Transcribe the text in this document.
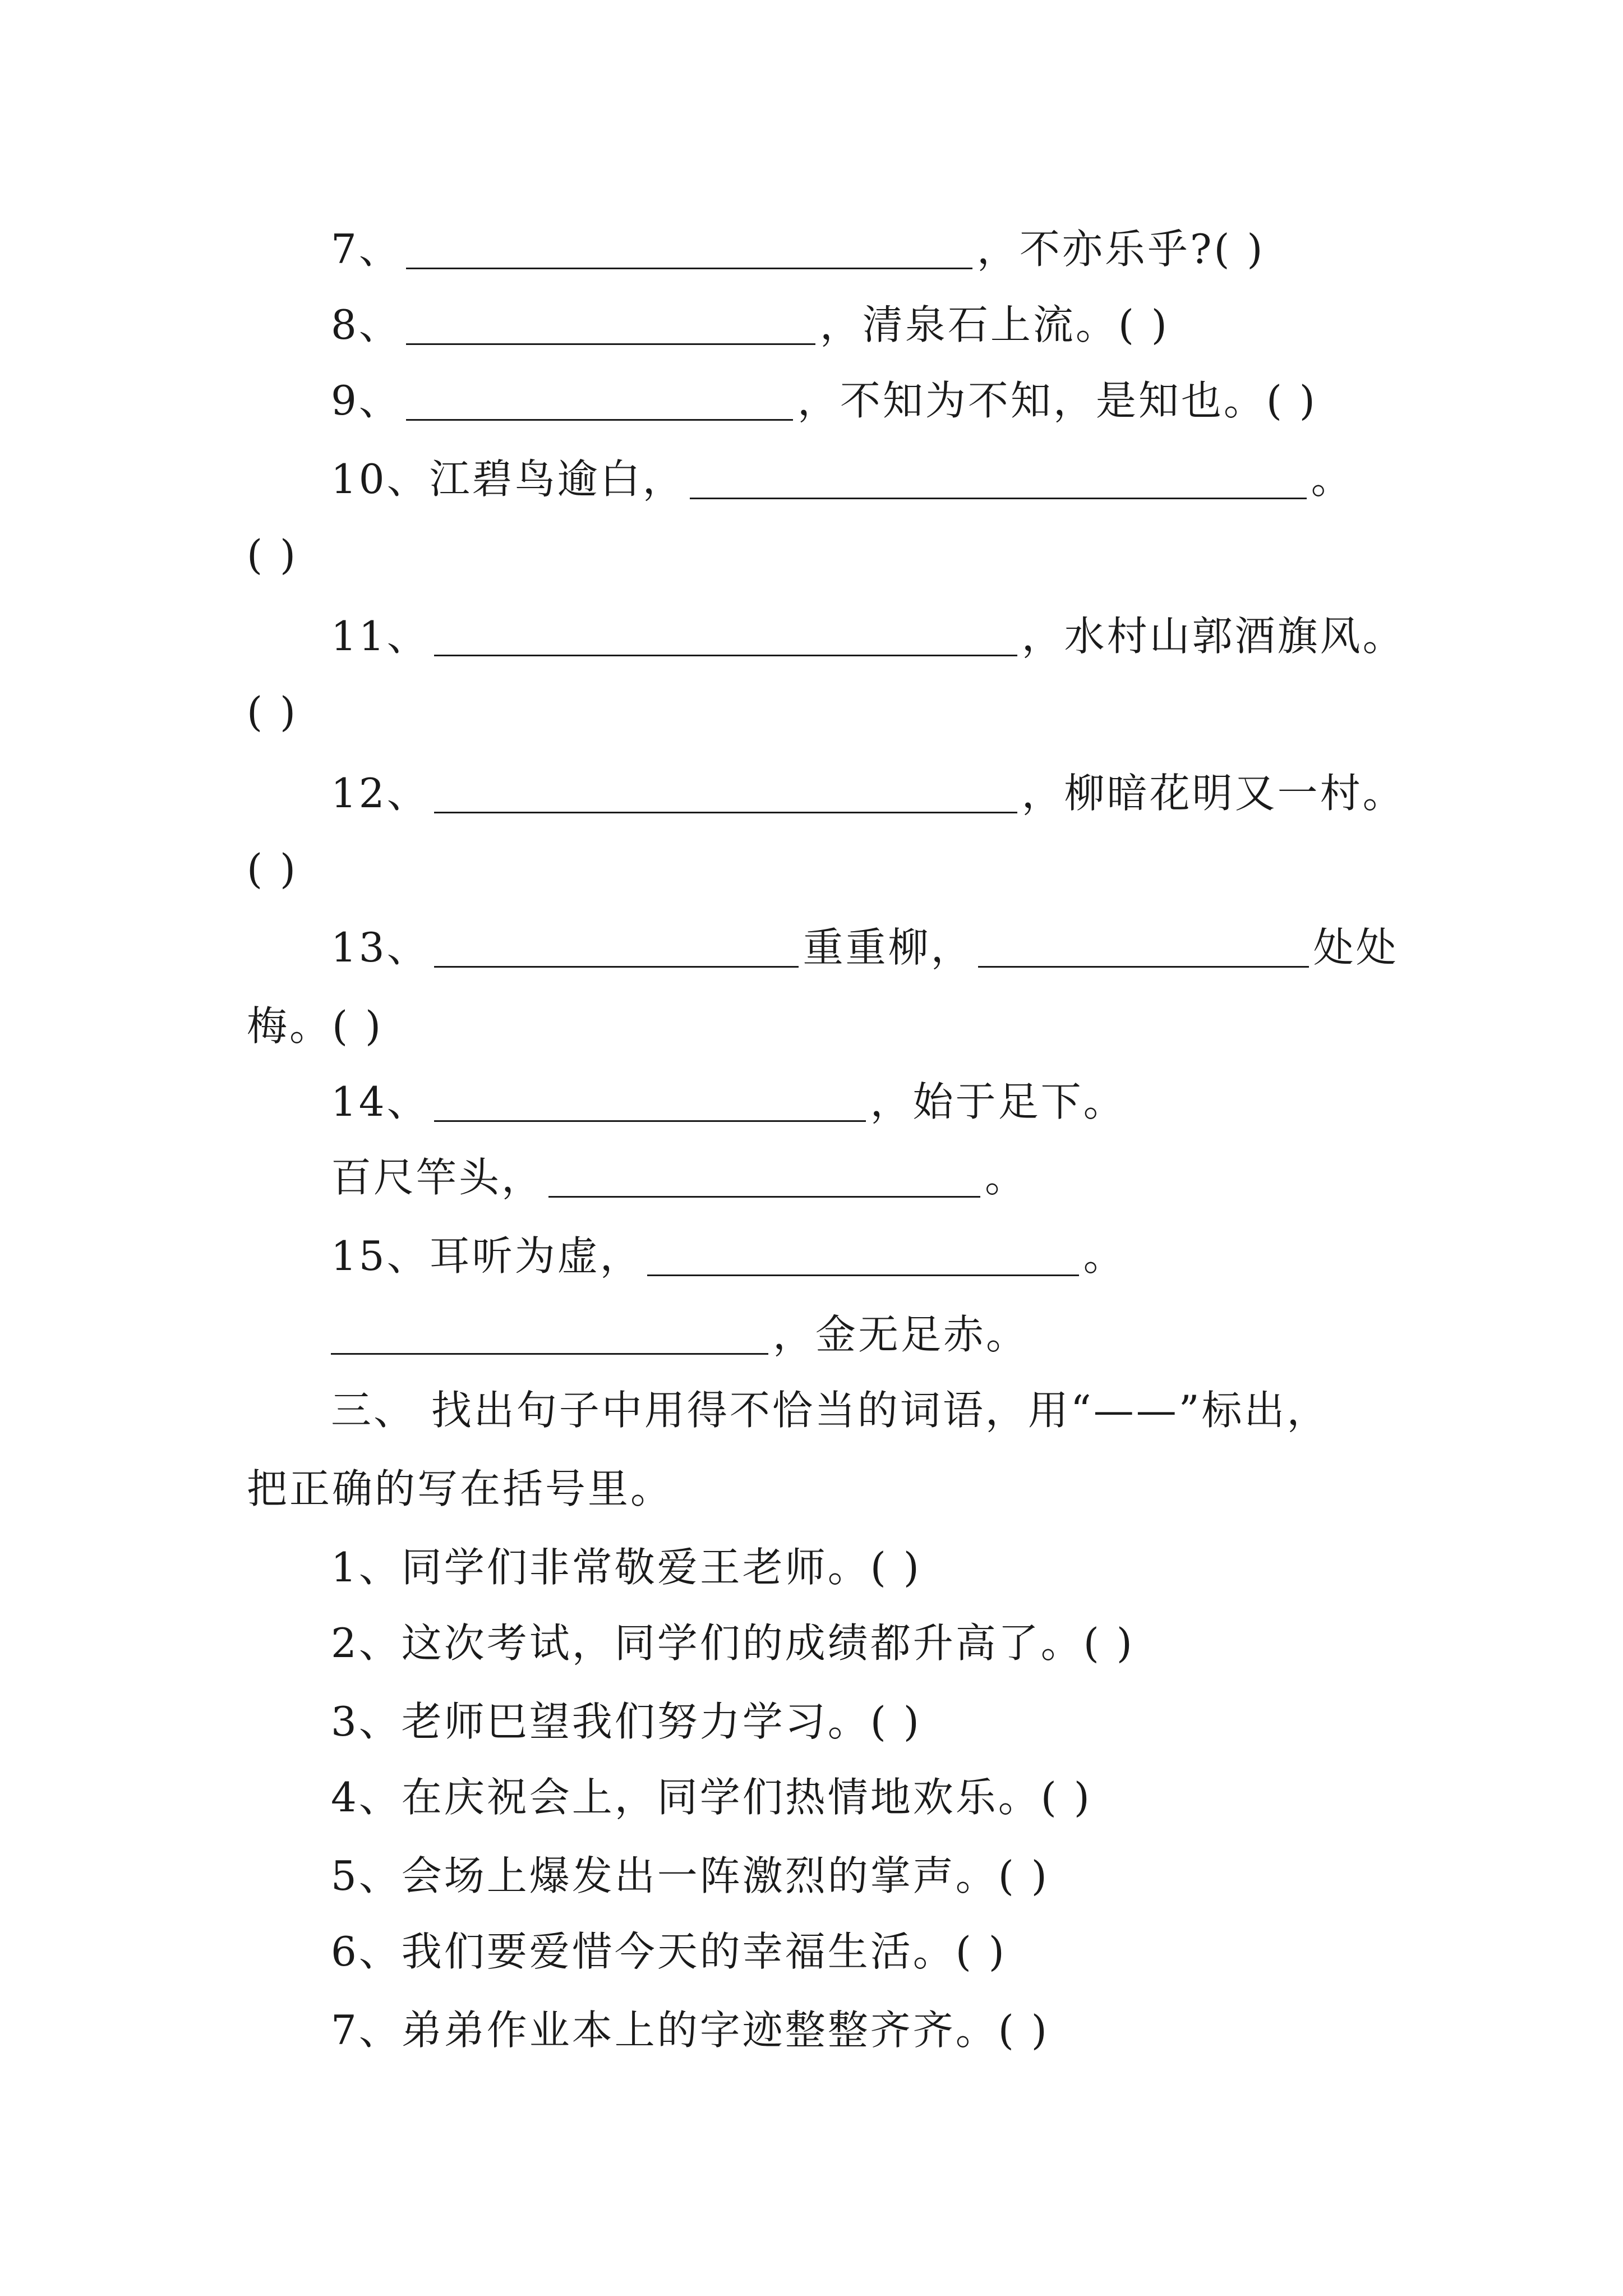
7、	，不亦乐乎?( )
8、	，清泉石上流。( )
9、	，不知为不知，是知也。( )
10、 江碧鸟逾白，	。
( )
11、	，水村山郭酒旗风。
( )
12、	，柳暗花明又一村。
( )
13、	重重柳，	处处
梅。( )
14、	，始于足下。
百尺竿头，	。
15、 耳听为虚，	。
，金无足赤。
三、 找出句子中用得不恰当的词语，用“——”标出，
把正确的写在括号里。
1、同学们非常敬爱王老师。( )
2、这次考试，同学们的成绩都升高了。( )
3、老师巴望我们努力学习。( )
4、在庆祝会上，同学们热情地欢乐。( )
5、会场上爆发出一阵激烈的掌声。( )
6、我们要爱惜今天的幸福生活。( )
7、弟弟作业本上的字迹整整齐齐。( )
